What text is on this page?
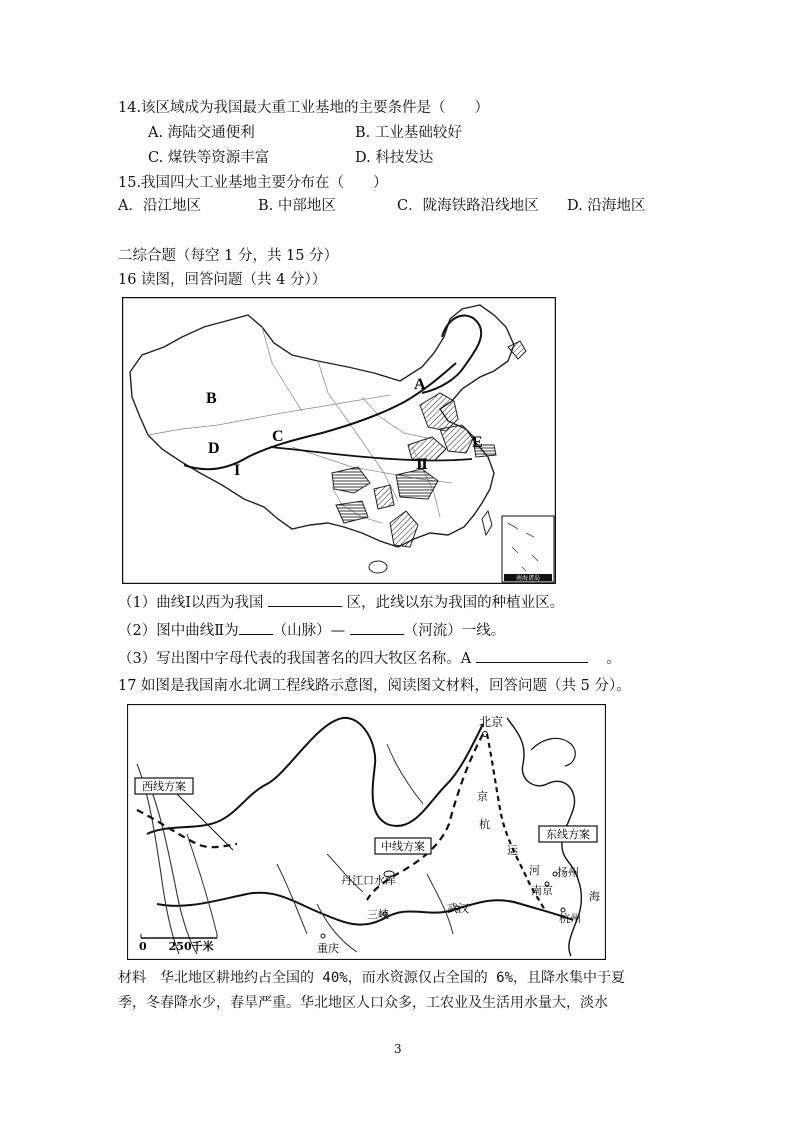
14.该区域成为我国最大重工业基地的主要条件是（　　）
A. 海陆交通便利	B. 工业基础较好
C. 煤铁等资源丰富	D. 科技发达
15.我国四大工业基地主要分布在（　　）
A．沿江地区	B. 中部地区	C．陇海铁路沿线地区 D. 沿海地区
二综合题（每空 1 分，共 15 分）
16 读图，回答问题（共 4 分））
南海诸岛
B
A
C
D	E
I	Ⅱ
（1）曲线Ⅰ以西为我国	区，此线以东为我国的种植业区。
（2）图中曲线Ⅱ为 （山脉）—	（河流）一线。
（3）写出图中字母代表的我国著名的四大牧区名称。A	。
17 如图是我国南水北调工程线路示意图，阅读图文材料，回答问题（共 5 分）。
西线方案
中线方案
东线方案
北京
京
杭
运
河 扬州
南京	海
杭州
武汉
三峡
重庆
丹江口水库
0　　250千米
材料　华北地区耕地约占全国的 40%，而水资源仅占全国的 6%，且降水集中于夏
季，冬春降水少，春旱严重。华北地区人口众多，工农业及生活用水量大，淡水
3
